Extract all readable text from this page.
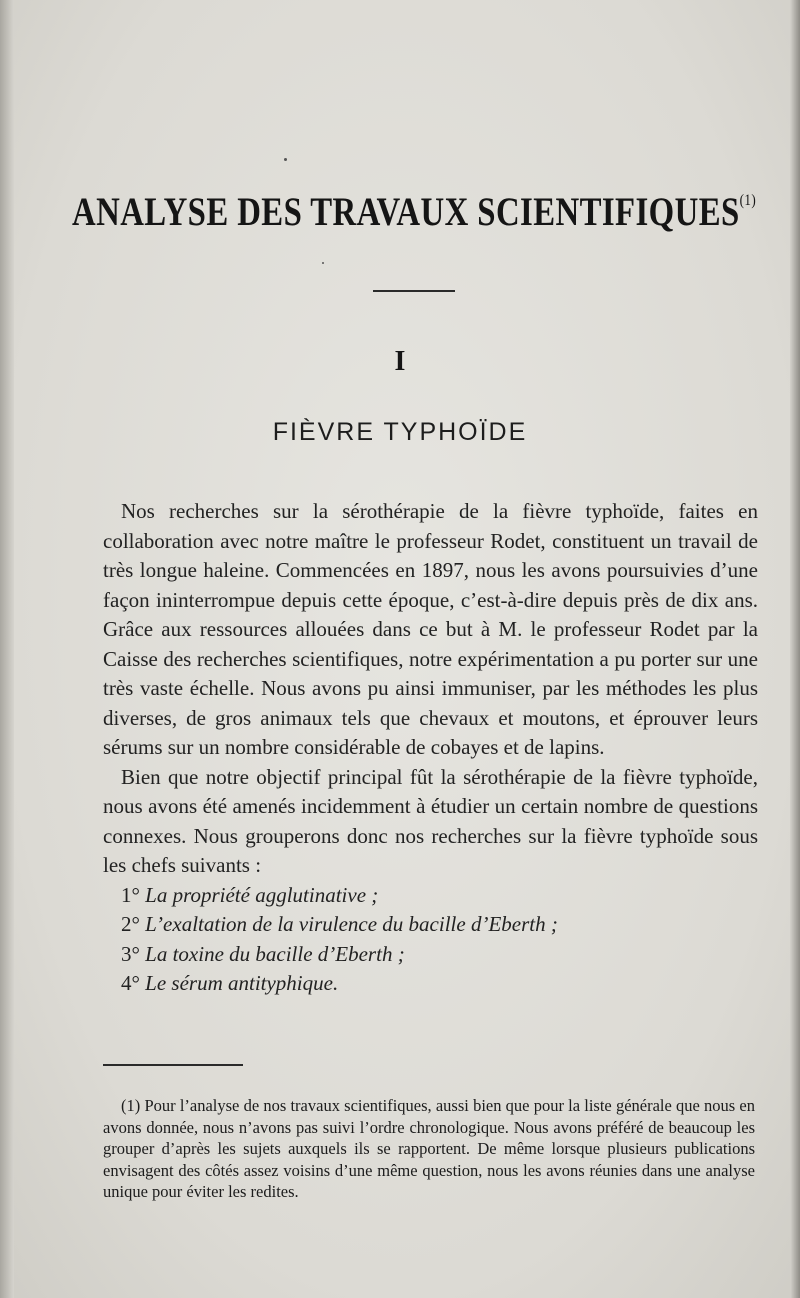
ANALYSE DES TRAVAUX SCIENTIFIQUES$^{(1)}$
I
FIÈVRE TYPHOÏDE

Nos recherches sur la sérothérapie de la fièvre typhoïde, faites en collaboration avec notre maître le professeur Rodet, constituent un travail de très longue haleine. Commencées en 1897, nous les avons poursuivies d’une façon ininterrompue depuis cette époque, c’est-à-dire depuis près de dix ans. Grâce aux ressources allouées dans ce but à M. le professeur Rodet par la Caisse des recherches scientifiques, notre expérimentation a pu porter sur une très vaste échelle. Nous avons pu ainsi immuniser, par les méthodes les plus diverses, de gros animaux tels que chevaux et moutons, et éprouver leurs sérums sur un nombre considérable de cobayes et de lapins.

Bien que notre objectif principal fût la sérothérapie de la fièvre typhoïde, nous avons été amenés incidemment à étudier un certain nombre de questions connexes. Nous grouperons donc nos recherches sur la fièvre typhoïde sous les chefs suivants :

1° La propriété agglutinative ;
2° L’exaltation de la virulence du bacille d’Eberth ;
3° La toxine du bacille d’Eberth ;
4° Le sérum antityphique.
(1) Pour l’analyse de nos travaux scientifiques, aussi bien que pour la liste générale que nous en avons donnée, nous n’avons pas suivi l’ordre chronologique. Nous avons préféré de beaucoup les grouper d’après les sujets auxquels ils se rapportent. De même lorsque plusieurs publications envisagent des côtés assez voisins d’une même question, nous les avons réunies dans une analyse unique pour éviter les redites.
